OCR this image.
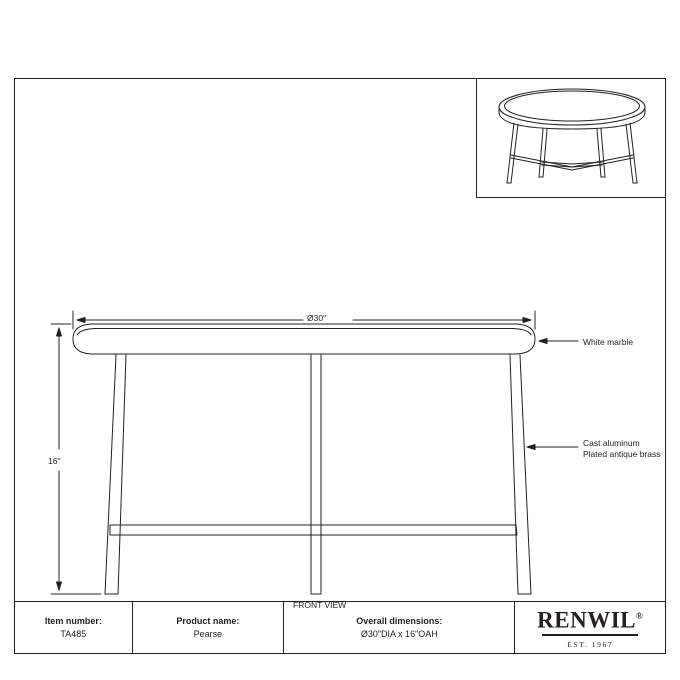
Ø30"
16"
White marble
Cast aluminum
Plated antique brass
FRONT VIEW
Item number:
TA485
Product name:
Pearse
Overall dimensions:
Ø30"DIA x 16"OAH
RENWIL®
EST. 1967
